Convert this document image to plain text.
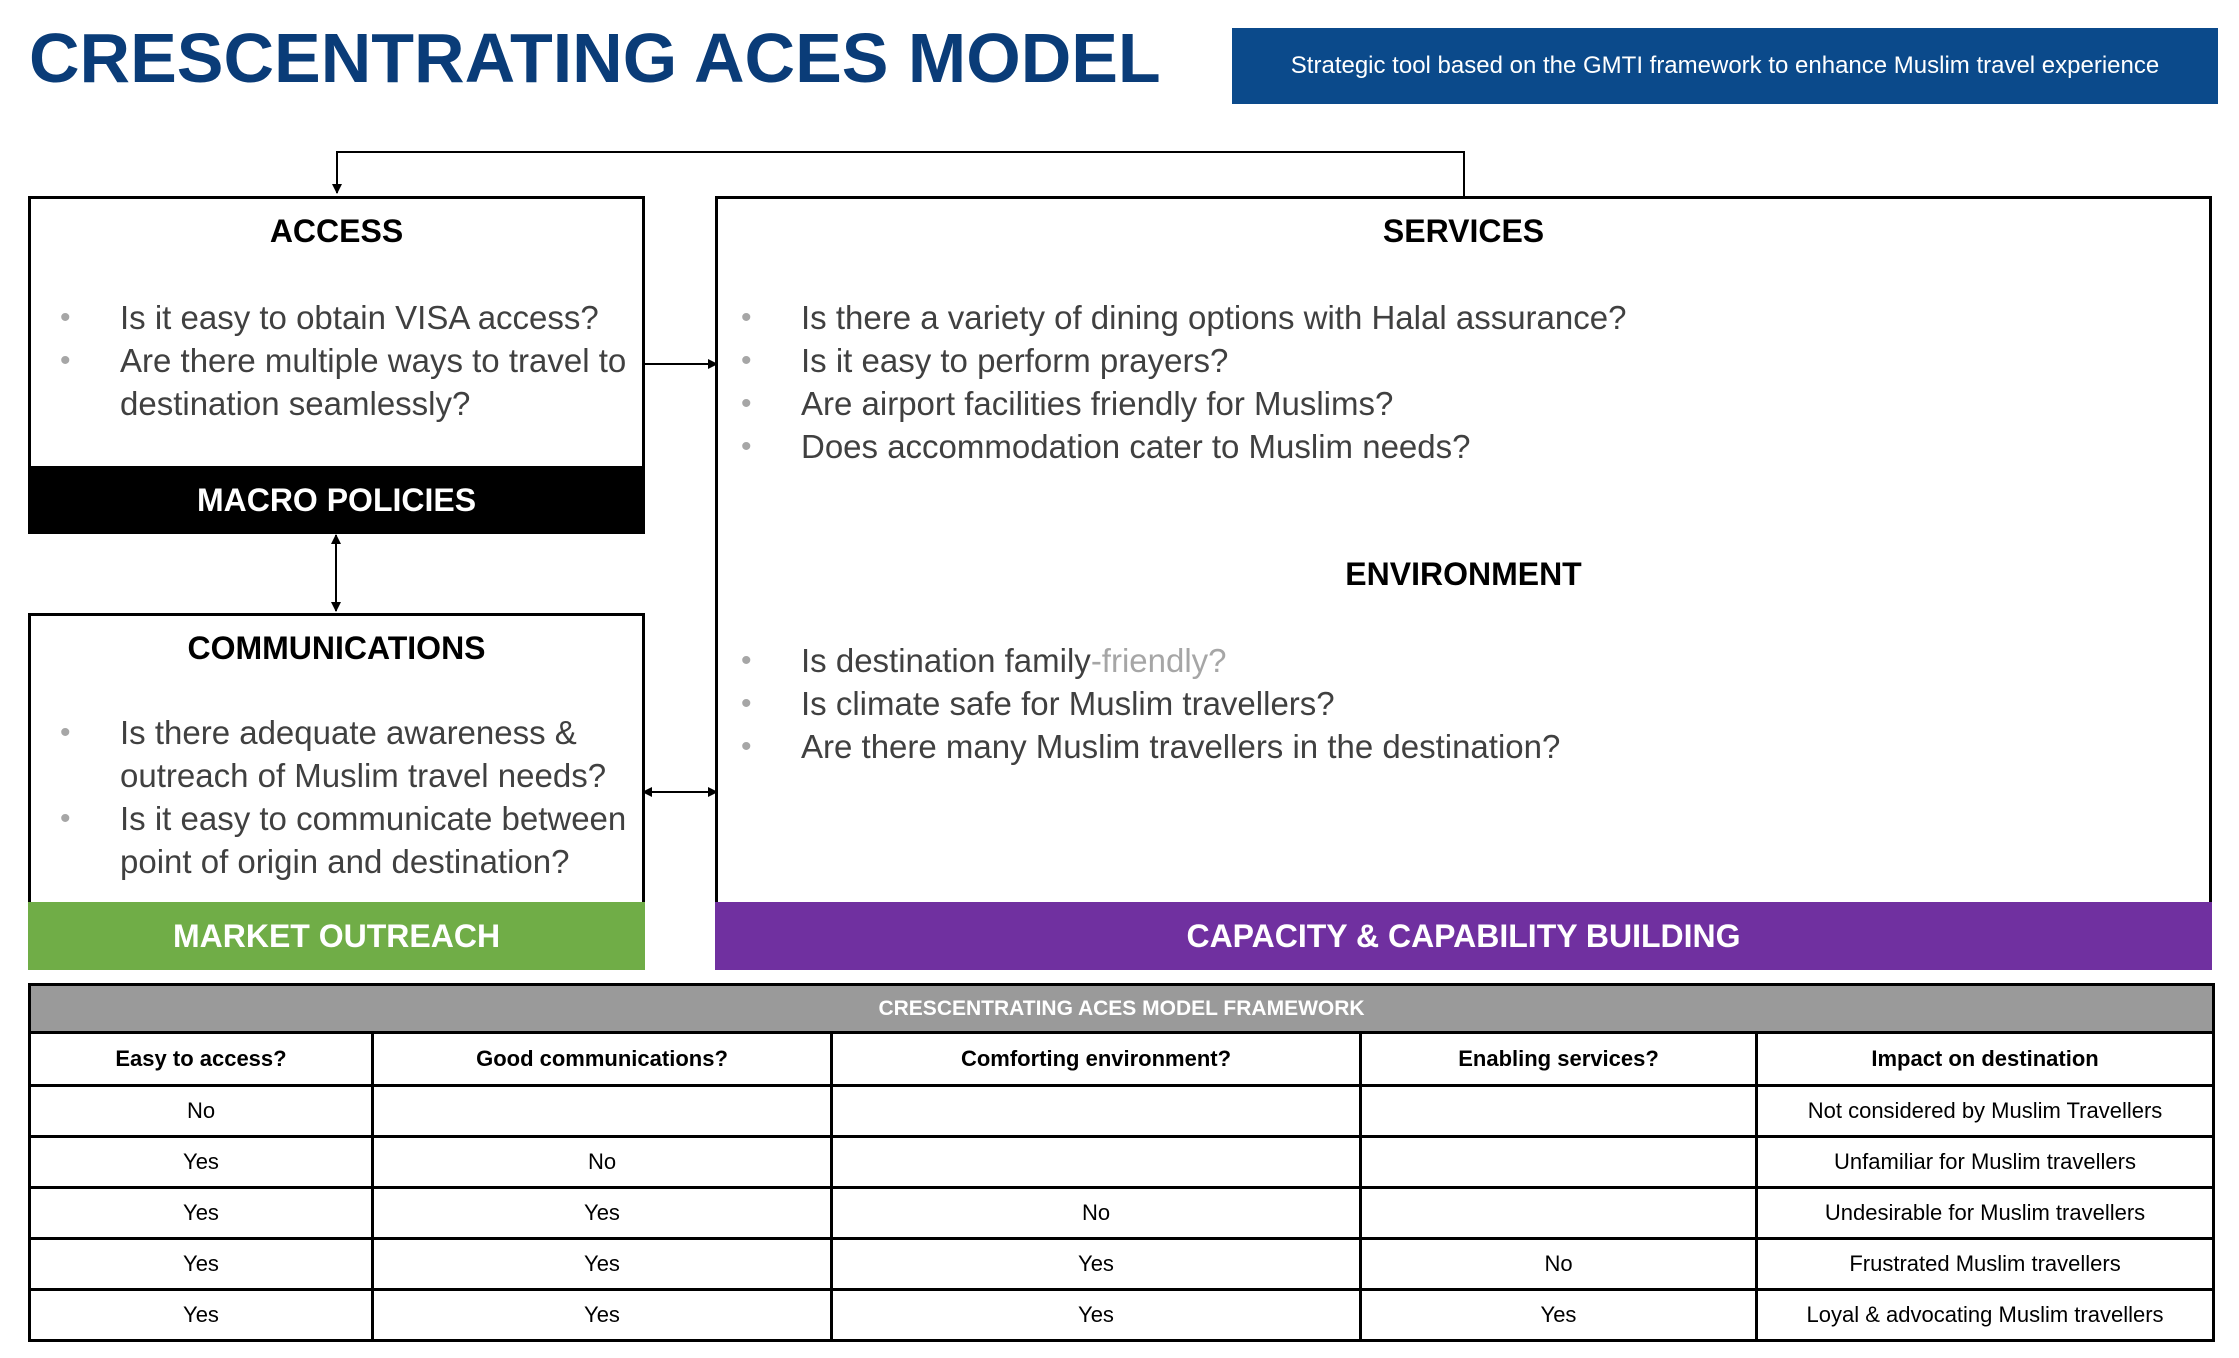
CRESCENTRATING ACES MODEL	Strategic tool based on the GMTI framework to enhance Muslim travel experience
ACCESS
• Is it easy to obtain VISA access?
• Are there multiple ways to travel to destination seamlessly?
MACRO POLICIES
COMMUNICATIONS
• Is there adequate awareness & outreach of Muslim travel needs?
• Is it easy to communicate between point of origin and destination?
MARKET OUTREACH
SERVICES
• Is there a variety of dining options with Halal assurance?
• Is it easy to perform prayers?
• Are airport facilities friendly for Muslims?
• Does accommodation cater to Muslim needs?
ENVIRONMENT
• Is destination family-friendly?
• Is climate safe for Muslim travellers?
• Are there many Muslim travellers in the destination?
CAPACITY & CAPABILITY BUILDING
CRESCENTRATING ACES MODEL FRAMEWORK				
Easy to access?	Good communications?	Comforting environment?	Enabling services?	Impact on destination
No				Not considered by Muslim Travellers
Yes	No			Unfamiliar for Muslim travellers
Yes	Yes	No		Undesirable for Muslim travellers
Yes	Yes	Yes	No	Frustrated Muslim travellers
Yes	Yes	Yes	Yes	Loyal & advocating Muslim travellers
